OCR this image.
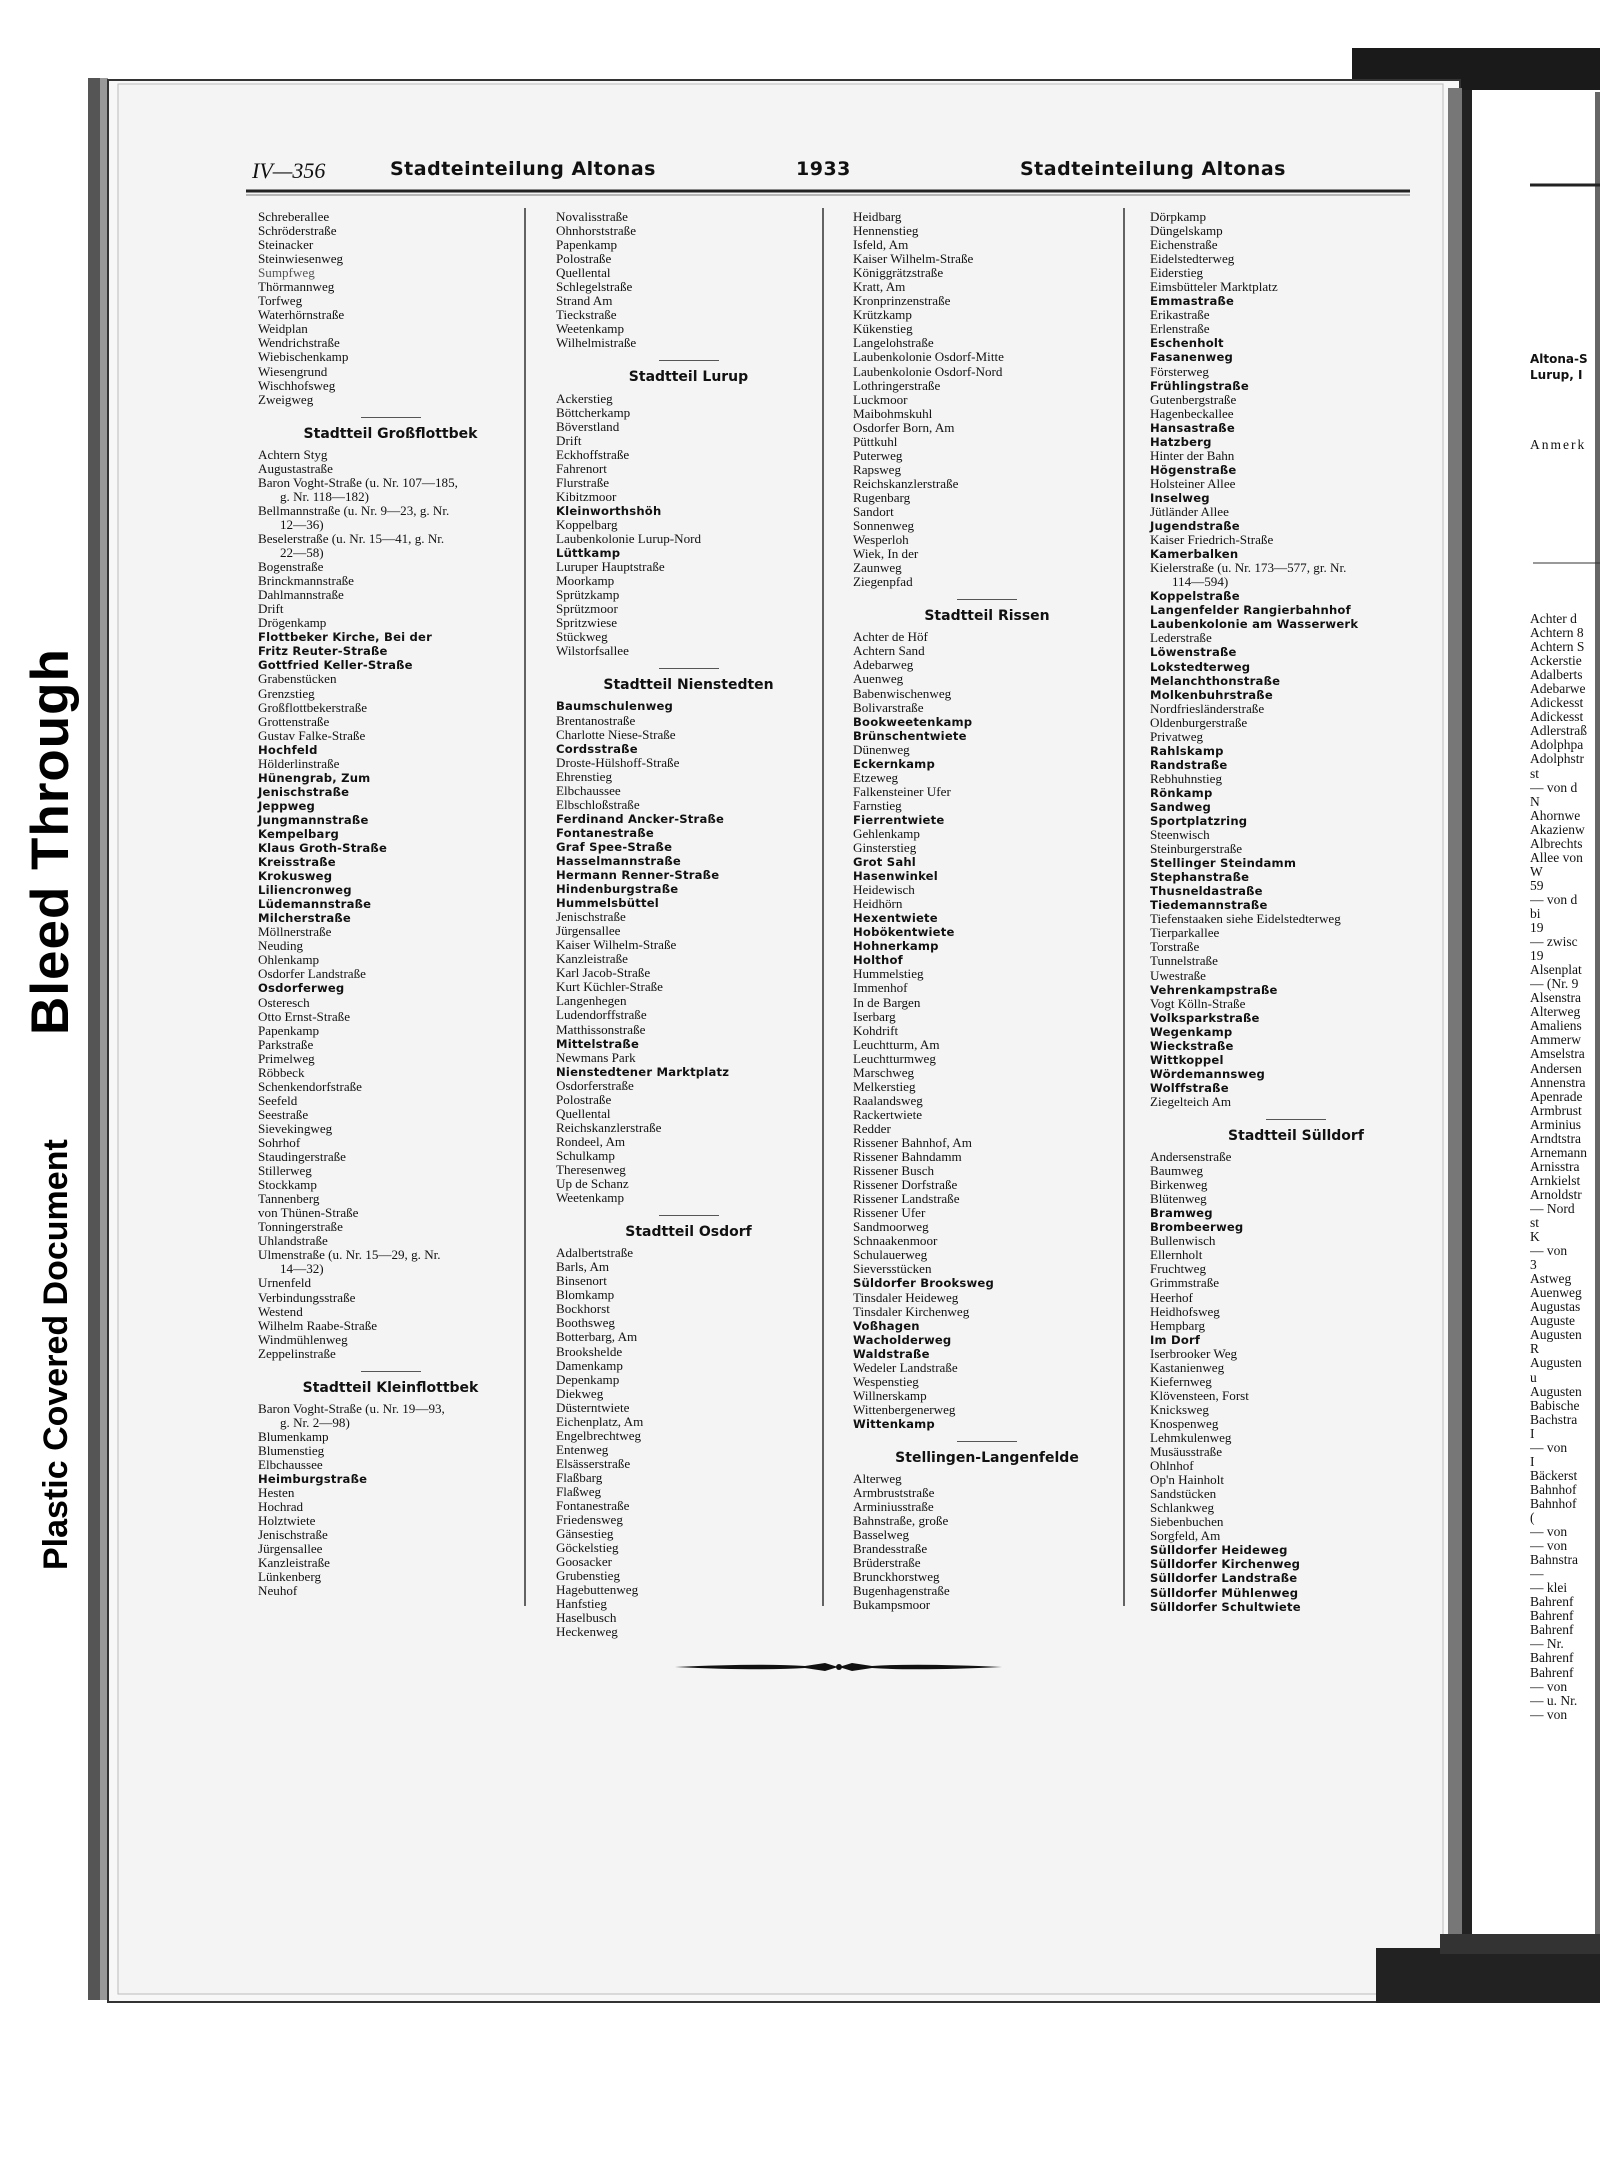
Bleed Through
Plastic Covered Document
IV—356	Stadteinteilung Altonas	1933	Stadteinteilung Altonas
Schreberallee
Schröderstraße
Steinacker
Steinwiesenweg
Sumpfweg
Thörmannweg
Torfweg
Waterhörnstraße
Weidplan
Wendrichstraße
Wiebischenkamp
Wiesengrund
Wischhofsweg
Zweigweg
Stadtteil Großflottbek
Achtern Styg
Augustastraße
Baron Voght-Straße (u. Nr. 107—185,
g. Nr. 118—182)
Bellmannstraße (u. Nr. 9—23, g. Nr.
12—36)
Beselerstraße (u. Nr. 15—41, g. Nr.
22—58)
Bogenstraße
Brinckmannstraße
Dahlmannstraße
Drift
Drögenkamp
Flottbeker Kirche, Bei der
Fritz Reuter-Straße
Gottfried Keller-Straße
Grabenstücken
Grenzstieg
Großflottbekerstraße
Grottenstraße
Gustav Falke-Straße
Hochfeld
Hölderlinstraße
Hünengrab, Zum
Jenischstraße
Jeppweg
Jungmannstraße
Kempelbarg
Klaus Groth-Straße
Kreisstraße
Krokusweg
Liliencronweg
Lüdemannstraße
Milcherstraße
Möllnerstraße
Neuding
Ohlenkamp
Osdorfer Landstraße
Osdorferweg
Osteresch
Otto Ernst-Straße
Papenkamp
Parkstraße
Primelweg
Röbbeck
Schenkendorfstraße
Seefeld
Seestraße
Sievekingweg
Sohrhof
Staudingerstraße
Stillerweg
Stockkamp
Tannenberg
von Thünen-Straße
Tonningerstraße
Uhlandstraße
Ulmenstraße (u. Nr. 15—29, g. Nr.
14—32)
Urnenfeld
Verbindungsstraße
Westend
Wilhelm Raabe-Straße
Windmühlenweg
Zeppelinstraße
Stadtteil Kleinflottbek
Baron Voght-Straße (u. Nr. 19—93,
g. Nr. 2—98)
Blumenkamp
Blumenstieg
Elbchaussee
Heimburgstraße
Hesten
Hochrad
Holztwiete
Jenischstraße
Jürgensallee
Kanzleistraße
Lünkenberg
Neuhof
Novalisstraße
Ohnhorststraße
Papenkamp
Polostraße
Quellental
Schlegelstraße
Strand Am
Tieckstraße
Weetenkamp
Wilhelmistraße
Stadtteil Lurup
Ackerstieg
Böttcherkamp
Böverstland
Drift
Eckhoffstraße
Fahrenort
Flurstraße
Kibitzmoor
Kleinworthshöh
Koppelbarg
Laubenkolonie Lurup-Nord
Lüttkamp
Luruper Hauptstraße
Moorkamp
Sprützkamp
Sprützmoor
Spritzwiese
Stückweg
Wilstorfsallee
Stadtteil Nienstedten
Baumschulenweg
Brentanostraße
Charlotte Niese-Straße
Cordsstraße
Droste-Hülshoff-Straße
Ehrenstieg
Elbchaussee
Elbschloßstraße
Ferdinand Ancker-Straße
Fontanestraße
Graf Spee-Straße
Hasselmannstraße
Hermann Renner-Straße
Hindenburgstraße
Hummelsbüttel
Jenischstraße
Jürgensallee
Kaiser Wilhelm-Straße
Kanzleistraße
Karl Jacob-Straße
Kurt Küchler-Straße
Langenhegen
Ludendorffstraße
Matthissonstraße
Mittelstraße
Newmans Park
Nienstedtener Marktplatz
Osdorferstraße
Polostraße
Quellental
Reichskanzlerstraße
Rondeel, Am
Schulkamp
Theresenweg
Up de Schanz
Weetenkamp
Stadtteil Osdorf
Adalbertstraße
Barls, Am
Binsenort
Blomkamp
Bockhorst
Boothsweg
Botterbarg, Am
Brookshelde
Damenkamp
Depenkamp
Diekweg
Düsterntwiete
Eichenplatz, Am
Engelbrechtweg
Entenweg
Elsässerstraße
Flaßbarg
Flaßweg
Fontanestraße
Friedensweg
Gänsestieg
Göckelstieg
Goosacker
Grubenstieg
Hagebuttenweg
Hanfstieg
Haselbusch
Heckenweg
Heidbarg
Hennenstieg
Isfeld, Am
Kaiser Wilhelm-Straße
Königgrätzstraße
Kratt, Am
Kronprinzenstraße
Krützkamp
Kükenstieg
Langelohstraße
Laubenkolonie Osdorf-Mitte
Laubenkolonie Osdorf-Nord
Lothringerstraße
Luckmoor
Maibohmskuhl
Osdorfer Born, Am
Püttkuhl
Puterweg
Rapsweg
Reichskanzlerstraße
Rugenbarg
Sandort
Sonnenweg
Wesperloh
Wiek, In der
Zaunweg
Ziegenpfad
Stadtteil Rissen
Achter de Höf
Achtern Sand
Adebarweg
Auenweg
Babenwischenweg
Bolivarstraße
Bookweetenkamp
Brünschentwiete
Dünenweg
Eckernkamp
Etzeweg
Falkensteiner Ufer
Farnstieg
Fierrentwiete
Gehlenkamp
Ginsterstieg
Grot Sahl
Hasenwinkel
Heidewisch
Heidhörn
Hexentwiete
Hobökentwiete
Hohnerkamp
Holthof
Hummelstieg
Immenhof
In de Bargen
Iserbarg
Kohdrift
Leuchtturm, Am
Leuchtturmweg
Marschweg
Melkerstieg
Raalandsweg
Rackertwiete
Redder
Rissener Bahnhof, Am
Rissener Bahndamm
Rissener Busch
Rissener Dorfstraße
Rissener Landstraße
Rissener Ufer
Sandmoorweg
Schnaakenmoor
Schulauerweg
Sieversstücken
Süldorfer Brooksweg
Tinsdaler Heideweg
Tinsdaler Kirchenweg
Voßhagen
Wacholderweg
Waldstraße
Wedeler Landstraße
Wespenstieg
Willnerskamp
Wittenbergenerweg
Wittenkamp
Stellingen-Langenfelde
Alterweg
Armbruststraße
Arminiusstraße
Bahnstraße, große
Basselweg
Brandesstraße
Brüderstraße
Brunckhorstweg
Bugenhagenstraße
Bukampsmoor
Dörpkamp
Düngelskamp
Eichenstraße
Eidelstedterweg
Eiderstieg
Eimsbütteler Marktplatz
Emmastraße
Erikastraße
Erlenstraße
Eschenholt
Fasanenweg
Försterweg
Frühlingstraße
Gutenbergstraße
Hagenbeckallee
Hansastraße
Hatzberg
Hinter der Bahn
Högenstraße
Holsteiner Allee
Inselweg
Jütländer Allee
Jugendstraße
Kaiser Friedrich-Straße
Kamerbalken
Kielerstraße (u. Nr. 173—577, gr. Nr.
114—594)
Koppelstraße
Langenfelder Rangierbahnhof
Laubenkolonie am Wasserwerk
Lederstraße
Löwenstraße
Lokstedterweg
Melanchthonstraße
Molkenbuhrstraße
Nordfriesländerstraße
Oldenburgerstraße
Privatweg
Rahlskamp
Randstraße
Rebhuhnstieg
Rönkamp
Sandweg
Sportplatzring
Steenwisch
Steinburgerstraße
Stellinger Steindamm
Stephanstraße
Thusneldastraße
Tiedemannstraße
Tiefenstaaken siehe Eidelstedterweg
Tierparkallee
Torstraße
Tunnelstraße
Uwestraße
Vehrenkampstraße
Vogt Kölln-Straße
Volksparkstraße
Wegenkamp
Wieckstraße
Wittkoppel
Wördemannsweg
Wolffstraße
Ziegelteich Am
Stadtteil Sülldorf
Andersenstraße
Baumweg
Birkenweg
Blütenweg
Bramweg
Brombeerweg
Bullenwisch
Ellernholt
Fruchtweg
Grimmstraße
Heerhof
Heidhofsweg
Hempbarg
Im Dorf
Iserbrooker Weg
Kastanienweg
Kiefernweg
Klövensteen, Forst
Knicksweg
Knospenweg
Lehmkulenweg
Musäusstraße
Ohlnhof
Op'n Hainholt
Sandstücken
Schlankweg
Siebenbuchen
Sorgfeld, Am
Sülldorfer Heideweg
Sülldorfer Kirchenweg
Sülldorfer Landstraße
Sülldorfer Mühlenweg
Sülldorfer Schultwiete
Altona-S
Lurup, I
Anmerk
Achter d
Achtern 8
Achtern S
Ackerstie
Adalberts
Adebarwe
Adickesst
Adickesst
Adlerstraß
Adolphpa
Adolphstr
st
— von d
N
Ahornwe
Akazienw
Albrechts
Allee von
W
59
— von d
bi
19
— zwisc
19
Alsenplat
— (Nr. 9
Alsenstra
Alterweg
Amaliens
Ammerw
Amselstra
Andersen
Annenstra
Apenrade
Armbrust
Arminius
Arndtstra
Arnemann
Arnisstra
Arnkielst
Arnoldstr
— Nord
st
K
— von
3
Astweg
Auenweg
Augustas
Auguste
Augusten
R
Augusten
u
Augusten
Babische
Bachstra
I
— von
I
Bäckerst
Bahnhof
Bahnhof
(
— von
— von
Bahnstra
—
— klei
Bahrenf
Bahrenf
Bahrenf
— Nr.
Bahrenf
Bahrenf
— von
— u. Nr.
— von
